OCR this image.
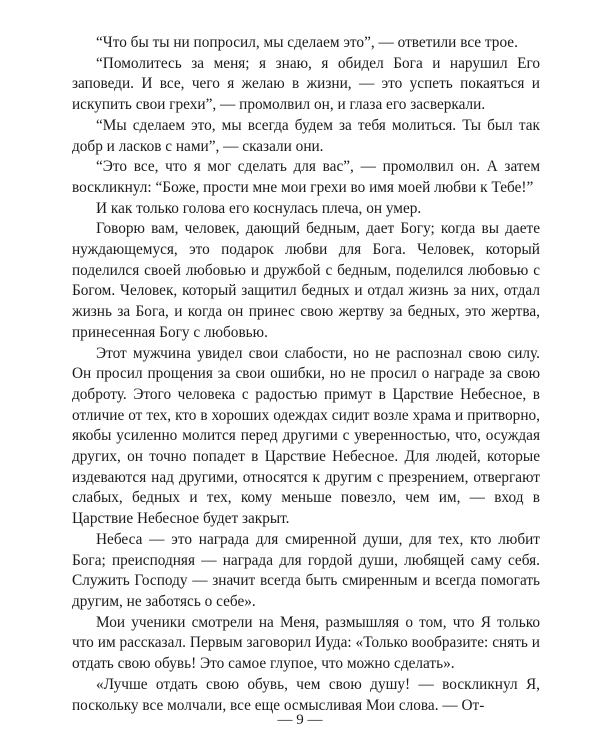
“Что бы ты ни попросил, мы сделаем это”, — ответили все трое.

“Помолитесь за меня; я знаю, я обидел Бога и нарушил Его заповеди. И все, чего я желаю в жизни, — это успеть покаяться и искупить свои грехи”, — промолвил он, и глаза его засверкали.

“Мы сделаем это, мы всегда будем за тебя молиться. Ты был так добр и ласков с нами”, — сказали они.

“Это все, что я мог сделать для вас”, — промолвил он. А затем воскликнул: “Боже, прости мне мои грехи во имя моей любви к Тебе!”

И как только голова его коснулась плеча, он умер.

Говорю вам, человек, дающий бедным, дает Богу; когда вы даете нуждающемуся, это подарок любви для Бога. Человек, который поделился своей любовью и дружбой с бедным, поделился любовью с Богом. Человек, который защитил бедных и отдал жизнь за них, отдал жизнь за Бога, и когда он принес свою жертву за бедных, это жертва, принесенная Богу с любовью.

Этот мужчина увидел свои слабости, но не распознал свою силу. Он просил прощения за свои ошибки, но не просил о награде за свою доброту. Этого человека с радостью примут в Царствие Небесное, в отличие от тех, кто в хороших одеждах сидит возле храма и притворно, якобы усиленно молится перед другими с уверенностью, что, осуждая других, он точно попадет в Царствие Небесное. Для людей, которые издеваются над другими, относятся к другим с презрением, отвергают слабых, бедных и тех, кому меньше повезло, чем им, — вход в Царствие Небесное будет закрыт.

Небеса — это награда для смиренной души, для тех, кто любит Бога; преисподняя — награда для гордой души, любящей саму себя. Служить Господу — значит всегда быть смиренным и всегда помогать другим, не заботясь о себе».

Мои ученики смотрели на Меня, размышляя о том, что Я только что им рассказал. Первым заговорил Иуда: «Только вообразите: снять и отдать свою обувь! Это самое глупое, что можно сделать».

«Лучше отдать свою обувь, чем свою душу! — воскликнул Я, поскольку все молчали, все еще осмысливая Мои слова. — От-

— 9 —
